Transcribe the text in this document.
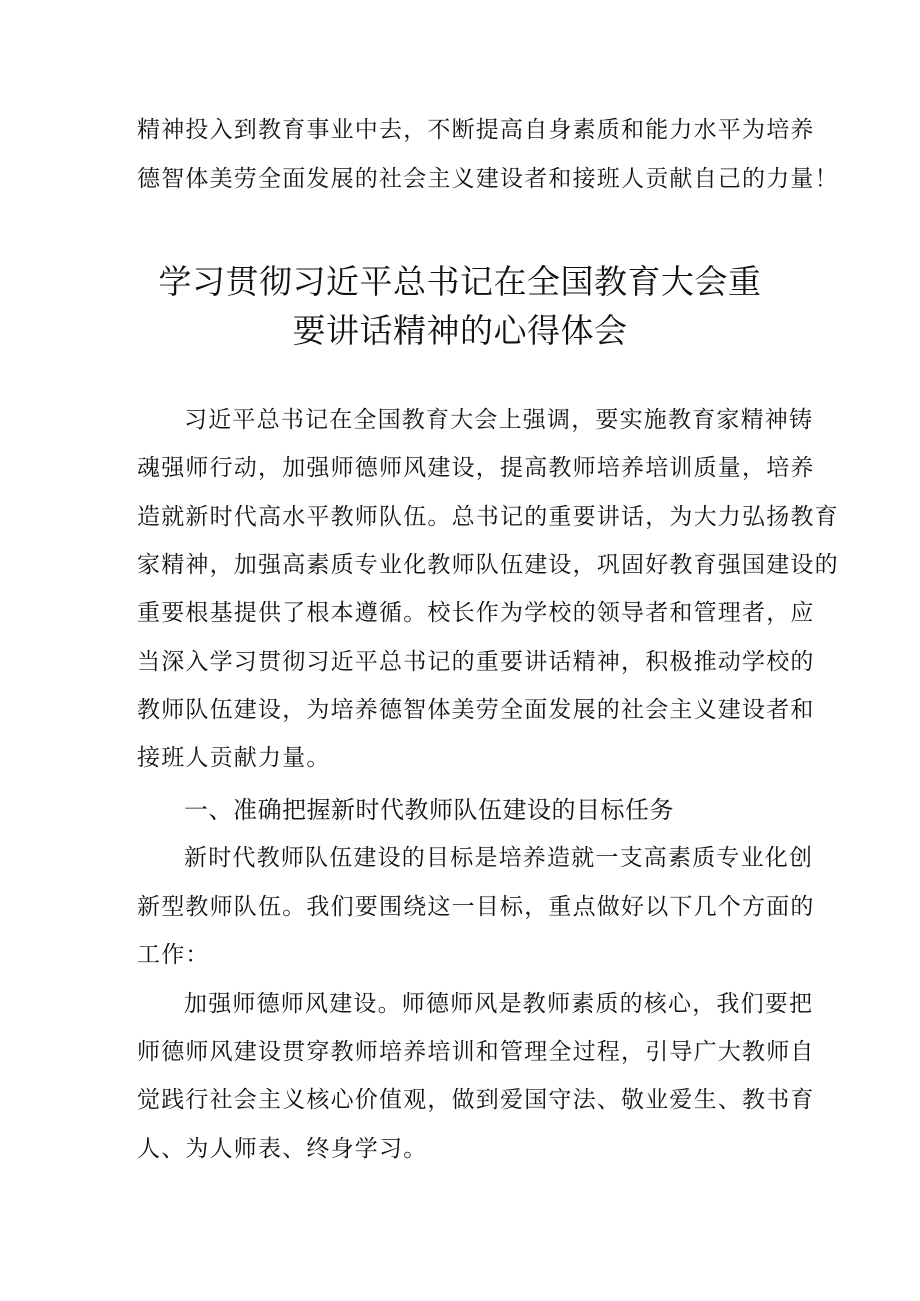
精神投入到教育事业中去，不断提高自身素质和能力水平为培养
德智体美劳全面发展的社会主义建设者和接班人贡献自己的力量！
学习贯彻习近平总书记在全国教育大会重
要讲话精神的心得体会
习近平总书记在全国教育大会上强调，要实施教育家精神铸
魂强师行动，加强师德师风建设，提高教师培养培训质量，培养
造就新时代高水平教师队伍。总书记的重要讲话，为大力弘扬教育
家精神，加强高素质专业化教师队伍建设，巩固好教育强国建设的
重要根基提供了根本遵循。校长作为学校的领导者和管理者，应
当深入学习贯彻习近平总书记的重要讲话精神，积极推动学校的
教师队伍建设，为培养德智体美劳全面发展的社会主义建设者和
接班人贡献力量。
一、准确把握新时代教师队伍建设的目标任务
新时代教师队伍建设的目标是培养造就一支高素质专业化创
新型教师队伍。我们要围绕这一目标，重点做好以下几个方面的
工作：
加强师德师风建设。师德师风是教师素质的核心，我们要把
师德师风建设贯穿教师培养培训和管理全过程，引导广大教师自
觉践行社会主义核心价值观，做到爱国守法、敬业爱生、教书育
人、为人师表、终身学习。
